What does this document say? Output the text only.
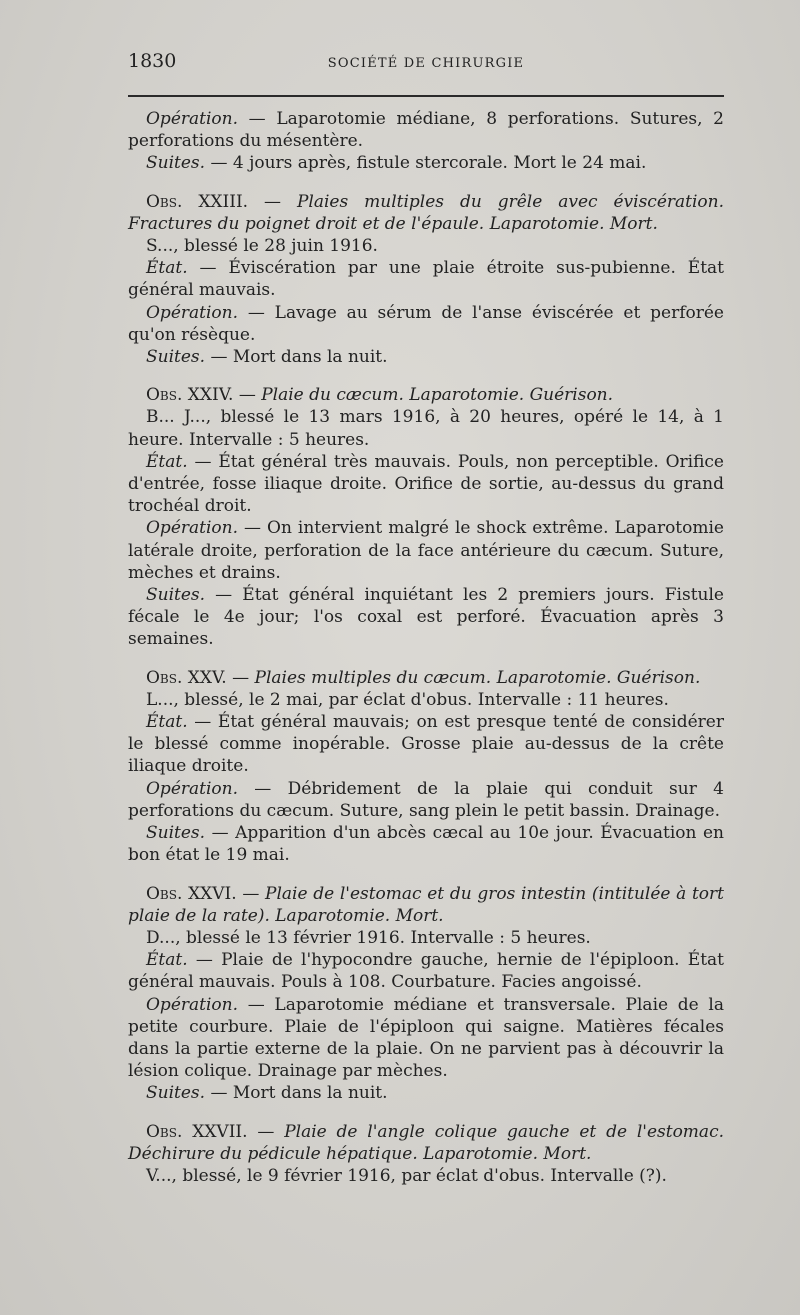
1830	SOCIÉTÉ DE CHIRURGIE

Opération. — Laparotomie médiane, 8 perforations. Sutures, 2 perforations du mésentère.

Suites. — 4 jours après, fistule stercorale. Mort le 24 mai.

Obs. XXIII. — Plaies multiples du grêle avec éviscération. Fractures du poignet droit et de l'épaule. Laparotomie. Mort.

S..., blessé le 28 juin 1916.

État. — Éviscération par une plaie étroite sus-pubienne. État général mauvais.

Opération. — Lavage au sérum de l'anse éviscérée et perforée qu'on résèque.

Suites. — Mort dans la nuit.

Obs. XXIV. — Plaie du cæcum. Laparotomie. Guérison.

B... J..., blessé le 13 mars 1916, à 20 heures, opéré le 14, à 1 heure. Intervalle : 5 heures.

État. — État général très mauvais. Pouls, non perceptible. Orifice d'entrée, fosse iliaque droite. Orifice de sortie, au-dessus du grand trochéal droit.

Opération. — On intervient malgré le shock extrême. Laparotomie latérale droite, perforation de la face antérieure du cæcum. Suture, mèches et drains.

Suites. — État général inquiétant les 2 premiers jours. Fistule fécale le 4e jour; l'os coxal est perforé. Évacuation après 3 semaines.

Obs. XXV. — Plaies multiples du cæcum. Laparotomie. Guérison.

L..., blessé, le 2 mai, par éclat d'obus. Intervalle : 11 heures.

État. — État général mauvais; on est presque tenté de considérer le blessé comme inopérable. Grosse plaie au-dessus de la crête iliaque droite.

Opération. — Débridement de la plaie qui conduit sur 4 perforations du cæcum. Suture, sang plein le petit bassin. Drainage.

Suites. — Apparition d'un abcès cæcal au 10e jour. Évacuation en bon état le 19 mai.

Obs. XXVI. — Plaie de l'estomac et du gros intestin (intitulée à tort plaie de la rate). Laparotomie. Mort.

D..., blessé le 13 février 1916. Intervalle : 5 heures.

État. — Plaie de l'hypocondre gauche, hernie de l'épiploon. État général mauvais. Pouls à 108. Courbature. Facies angoissé.

Opération. — Laparotomie médiane et transversale. Plaie de la petite courbure. Plaie de l'épiploon qui saigne. Matières fécales dans la partie externe de la plaie. On ne parvient pas à découvrir la lésion colique. Drainage par mèches.

Suites. — Mort dans la nuit.

Obs. XXVII. — Plaie de l'angle colique gauche et de l'estomac. Déchirure du pédicule hépatique. Laparotomie. Mort.

V..., blessé, le 9 février 1916, par éclat d'obus. Intervalle (?).
